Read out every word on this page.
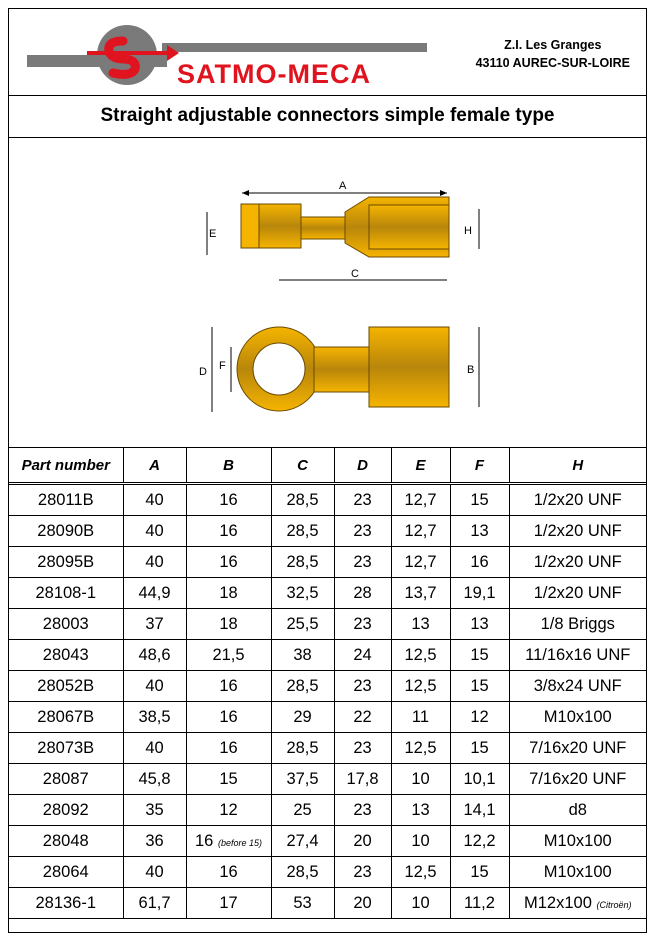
SATMO-MECA
Z.I. Les Granges
43110 AUREC-SUR-LOIRE
Straight adjustable connectors simple female type
A
E	H
C
D F	B
Part number	A	B	C	D	E	F	H
28011B	40	16	28,5	23	12,7	15	1/2x20 UNF
28090B	40	16	28,5	23	12,7	13	1/2x20 UNF
28095B	40	16	28,5	23	12,7	16	1/2x20 UNF
28108-1	44,9	18	32,5	28	13,7	19,1	1/2x20 UNF
28003	37	18	25,5	23	13	13	1/8 Briggs
28043	48,6	21,5	38	24	12,5	15	11/16x16 UNF
28052B	40	16	28,5	23	12,5	15	3/8x24 UNF
28067B	38,5	16	29	22	11	12	M10x100
28073B	40	16	28,5	23	12,5	15	7/16x20 UNF
28087	45,8	15	37,5	17,8	10	10,1	7/16x20 UNF
28092	35	12	25	23	13	14,1	d8
28048	36	16 (before 15)	27,4	20	10	12,2	M10x100
28064	40	16	28,5	23	12,5	15	M10x100
28136-1	61,7	17	53	20	10	11,2	M12x100 (Citroën)
